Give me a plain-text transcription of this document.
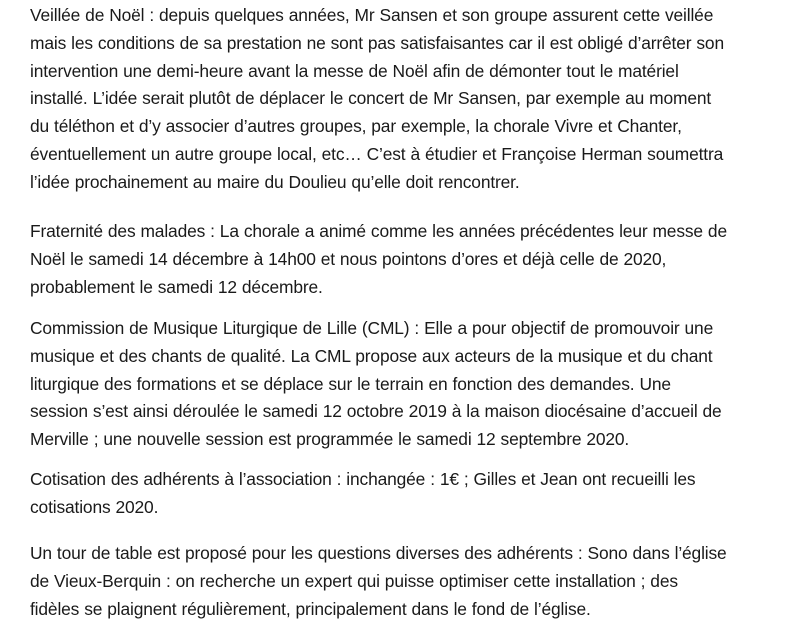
Veillée de Noël : depuis quelques années, Mr Sansen et son groupe assurent cette veillée
mais les conditions de sa prestation ne sont pas satisfaisantes car il est obligé d’arrêter son
intervention une demi-heure avant la messe de Noël afin de démonter tout le matériel
installé. L’idée serait plutôt de déplacer le concert de Mr Sansen, par exemple au moment
du téléthon et d’y associer d’autres groupes, par exemple, la chorale Vivre et Chanter,
éventuellement un autre groupe local, etc… C’est à étudier et Françoise Herman soumettra
l’idée prochainement au maire du Doulieu qu’elle doit rencontrer.

Fraternité des malades : La chorale a animé comme les années précédentes leur messe de
Noël le samedi 14 décembre à 14h00 et nous pointons d’ores et déjà celle de 2020,
probablement le samedi 12 décembre.

Commission de Musique Liturgique de Lille (CML) : Elle a pour objectif de promouvoir une
musique et des chants de qualité. La CML propose aux acteurs de la musique et du chant
liturgique des formations et se déplace sur le terrain en fonction des demandes. Une
session s’est ainsi déroulée le samedi 12 octobre 2019 à la maison diocésaine d’accueil de
Merville ; une nouvelle session est programmée le samedi 12 septembre 2020.

Cotisation des adhérents à l’association : inchangée : 1€ ; Gilles et Jean ont recueilli les
cotisations 2020.

Un tour de table est proposé pour les questions diverses des adhérents : Sono dans l’église
de Vieux-Berquin : on recherche un expert qui puisse optimiser cette installation ; des
fidèles se plaignent régulièrement, principalement dans le fond de l’église.
